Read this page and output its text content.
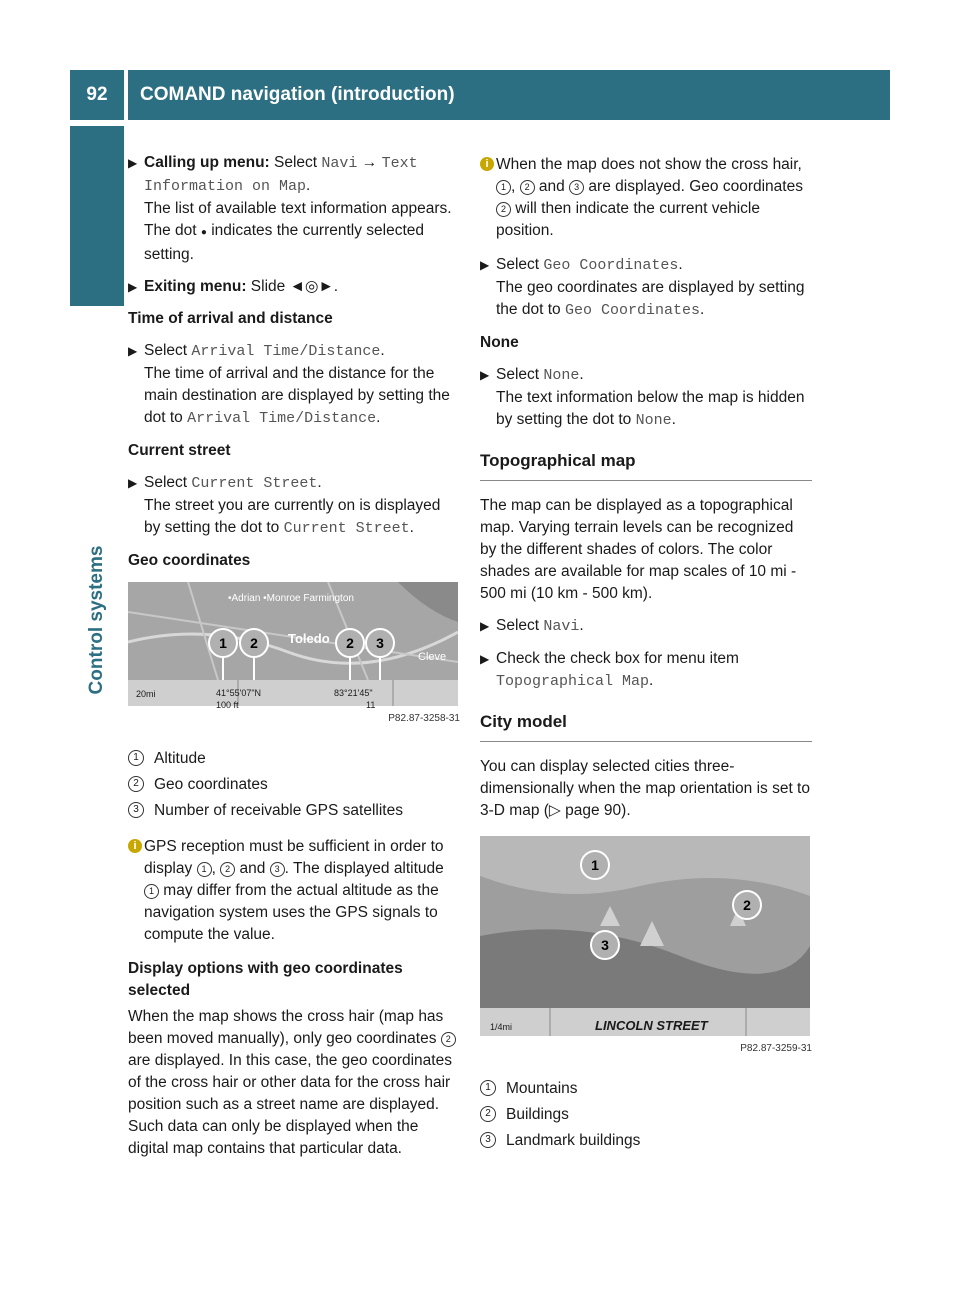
92	COMAND navigation (introduction)
Control systems
▶ Calling up menu: Select Navi → Text Information on Map.
The list of available text information appears. The dot ● indicates the currently selected setting.
▶ Exiting menu: Slide ◄◎►.
Time of arrival and distance
▶ Select Arrival Time/Distance.
The time of arrival and the distance for the main destination are displayed by setting the dot to Arrival Time/Distance.
Current street
▶ Select Current Street.
The street you are currently on is displayed by setting the dot to Current Street.
Geo coordinates
•Adrian •Monroe Farmington
Toledo
Cleve
1	2	2	3
20mi	41°55'07"N
100 ft
83°21'45"
11
P82.87-3258-31
1 Altitude
2 Geo coordinates
3 Number of receivable GPS satellites
i GPS reception must be sufficient in order to display 1 , 2 and 3 . The displayed altitude 1 may differ from the actual altitude as the navigation system uses the GPS signals to compute the value.
Display options with geo coordinates selected
When the map shows the cross hair (map has been moved manually), only geo coordinates 2 are displayed. In this case, the geo coordinates of the cross hair or other data for the cross hair position such as a street name are displayed. Such data can only be displayed when the digital map contains that particular data.
i When the map does not show the cross hair, 1 , 2 and 3 are displayed. Geo coordinates 2 will then indicate the current vehicle position.
▶ Select Geo Coordinates.
The geo coordinates are displayed by setting the dot to Geo Coordinates.
None
▶ Select None.
The text information below the map is hidden by setting the dot to None.
Topographical map
The map can be displayed as a topographical map. Varying terrain levels can be recognized by the different shades of colors. The color shades are available for map scales of 10 mi - 500 mi (10 km - 500 km).
▶ Select Navi.
▶ Check the check box for menu item Topographical Map.
City model
You can display selected cities three-dimensionally when the map orientation is set to 3-D map (▷ page 90).
1
2
3
1/4mi	LINCOLN STREET
P82.87-3259-31
1 Mountains
2 Buildings
3 Landmark buildings
